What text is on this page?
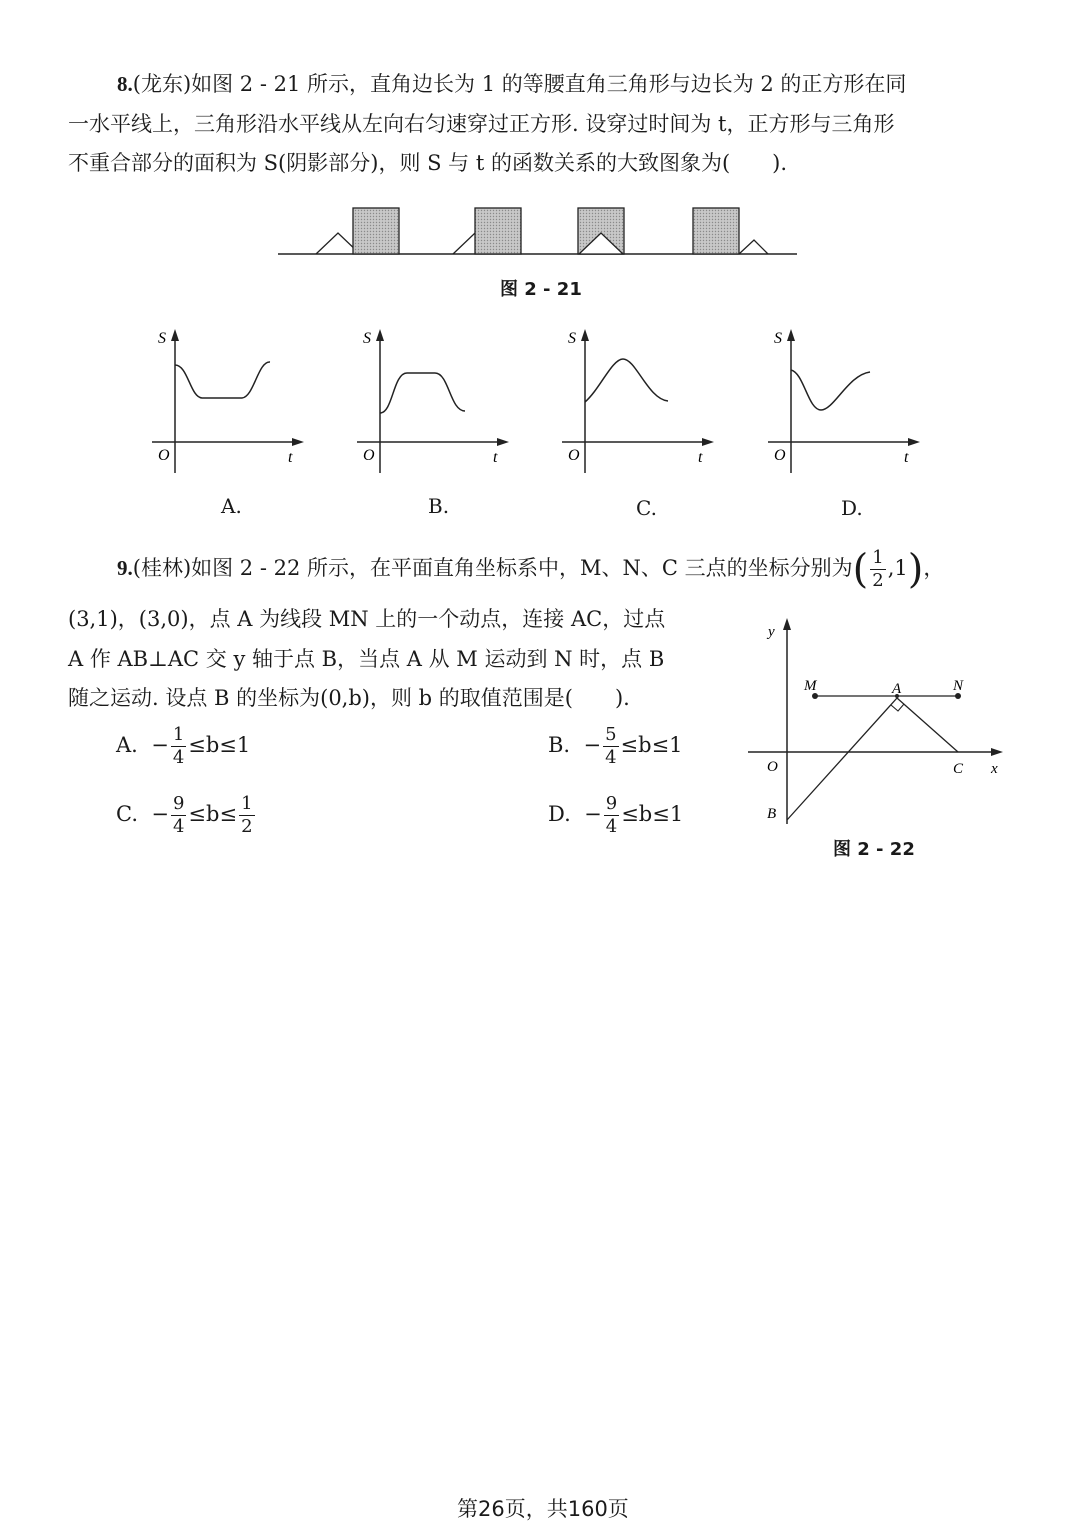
8.(龙东)如图 2 - 21 所示，直角边长为 1 的等腰直角三角形与边长为 2 的正方形在同
一水平线上，三角形沿水平线从左向右匀速穿过正方形. 设穿过时间为 t，正方形与三角形
不重合部分的面积为 S(阴影部分)，则 S 与 t 的函数关系的大致图象为(　　).
图 2 - 21
S
t
O
S
t
O
S
t
O
S
t
O
A.	B.	C.	D.
9.(桂林)如图 2 - 22 所示，在平面直角坐标系中，M、N、C 三点的坐标分别为( $\frac{1}{2} ,1$)，
(3,1)，(3,0)，点 A 为线段 MN 上的一个动点，连接 AC，过点
A 作 AB⊥AC 交 y 轴于点 B，当点 A 从 M 运动到 N 时，点 B
随之运动. 设点 B 的坐标为(0,b)，则 b 的取值范围是(　　).
A. − $\frac{1}{4} \le b\le 1$	B. − $\frac{5}{4} \le b\le 1$
C. − $\frac{9}{4} \le b\le \frac{1}{2}$	D. − $\frac{9}{4} \le b\le 1$
y
x
O
M	A	N
C
B
图 2 - 22
第26页，共160页
